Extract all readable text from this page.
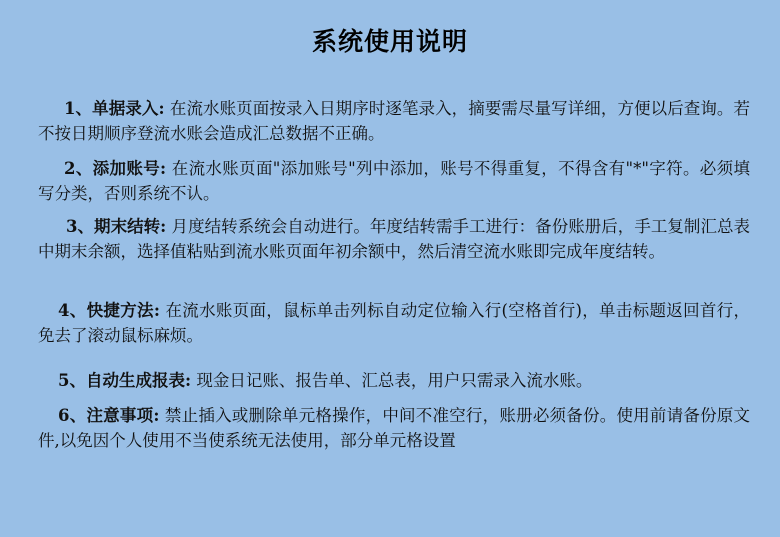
系统使用说明
1、单据录入: 在流水账页面按录入日期序时逐笔录入，摘要需尽量写详细，方便以后查询。若不按日期顺序登流水账会造成汇总数据不正确。
2、添加账号: 在流水账页面"添加账号"列中添加，账号不得重复，不得含有"*"字符。必须填写分类，否则系统不认。
3、期末结转: 月度结转系统会自动进行。年度结转需手工进行：备份账册后，手工复制汇总表中期末余额，选择值粘贴到流水账页面年初余额中，然后清空流水账即完成年度结转。
4、快捷方法: 在流水账页面，鼠标单击列标自动定位输入行(空格首行)，单击标题返回首行，免去了滚动鼠标麻烦。
5、自动生成报表: 现金日记账、报告单、汇总表，用户只需录入流水账。
6、注意事项: 禁止插入或删除单元格操作，中间不准空行，账册必须备份。使用前请备份原文件,以免因个人使用不当使系统无法使用，部分单元格设置
